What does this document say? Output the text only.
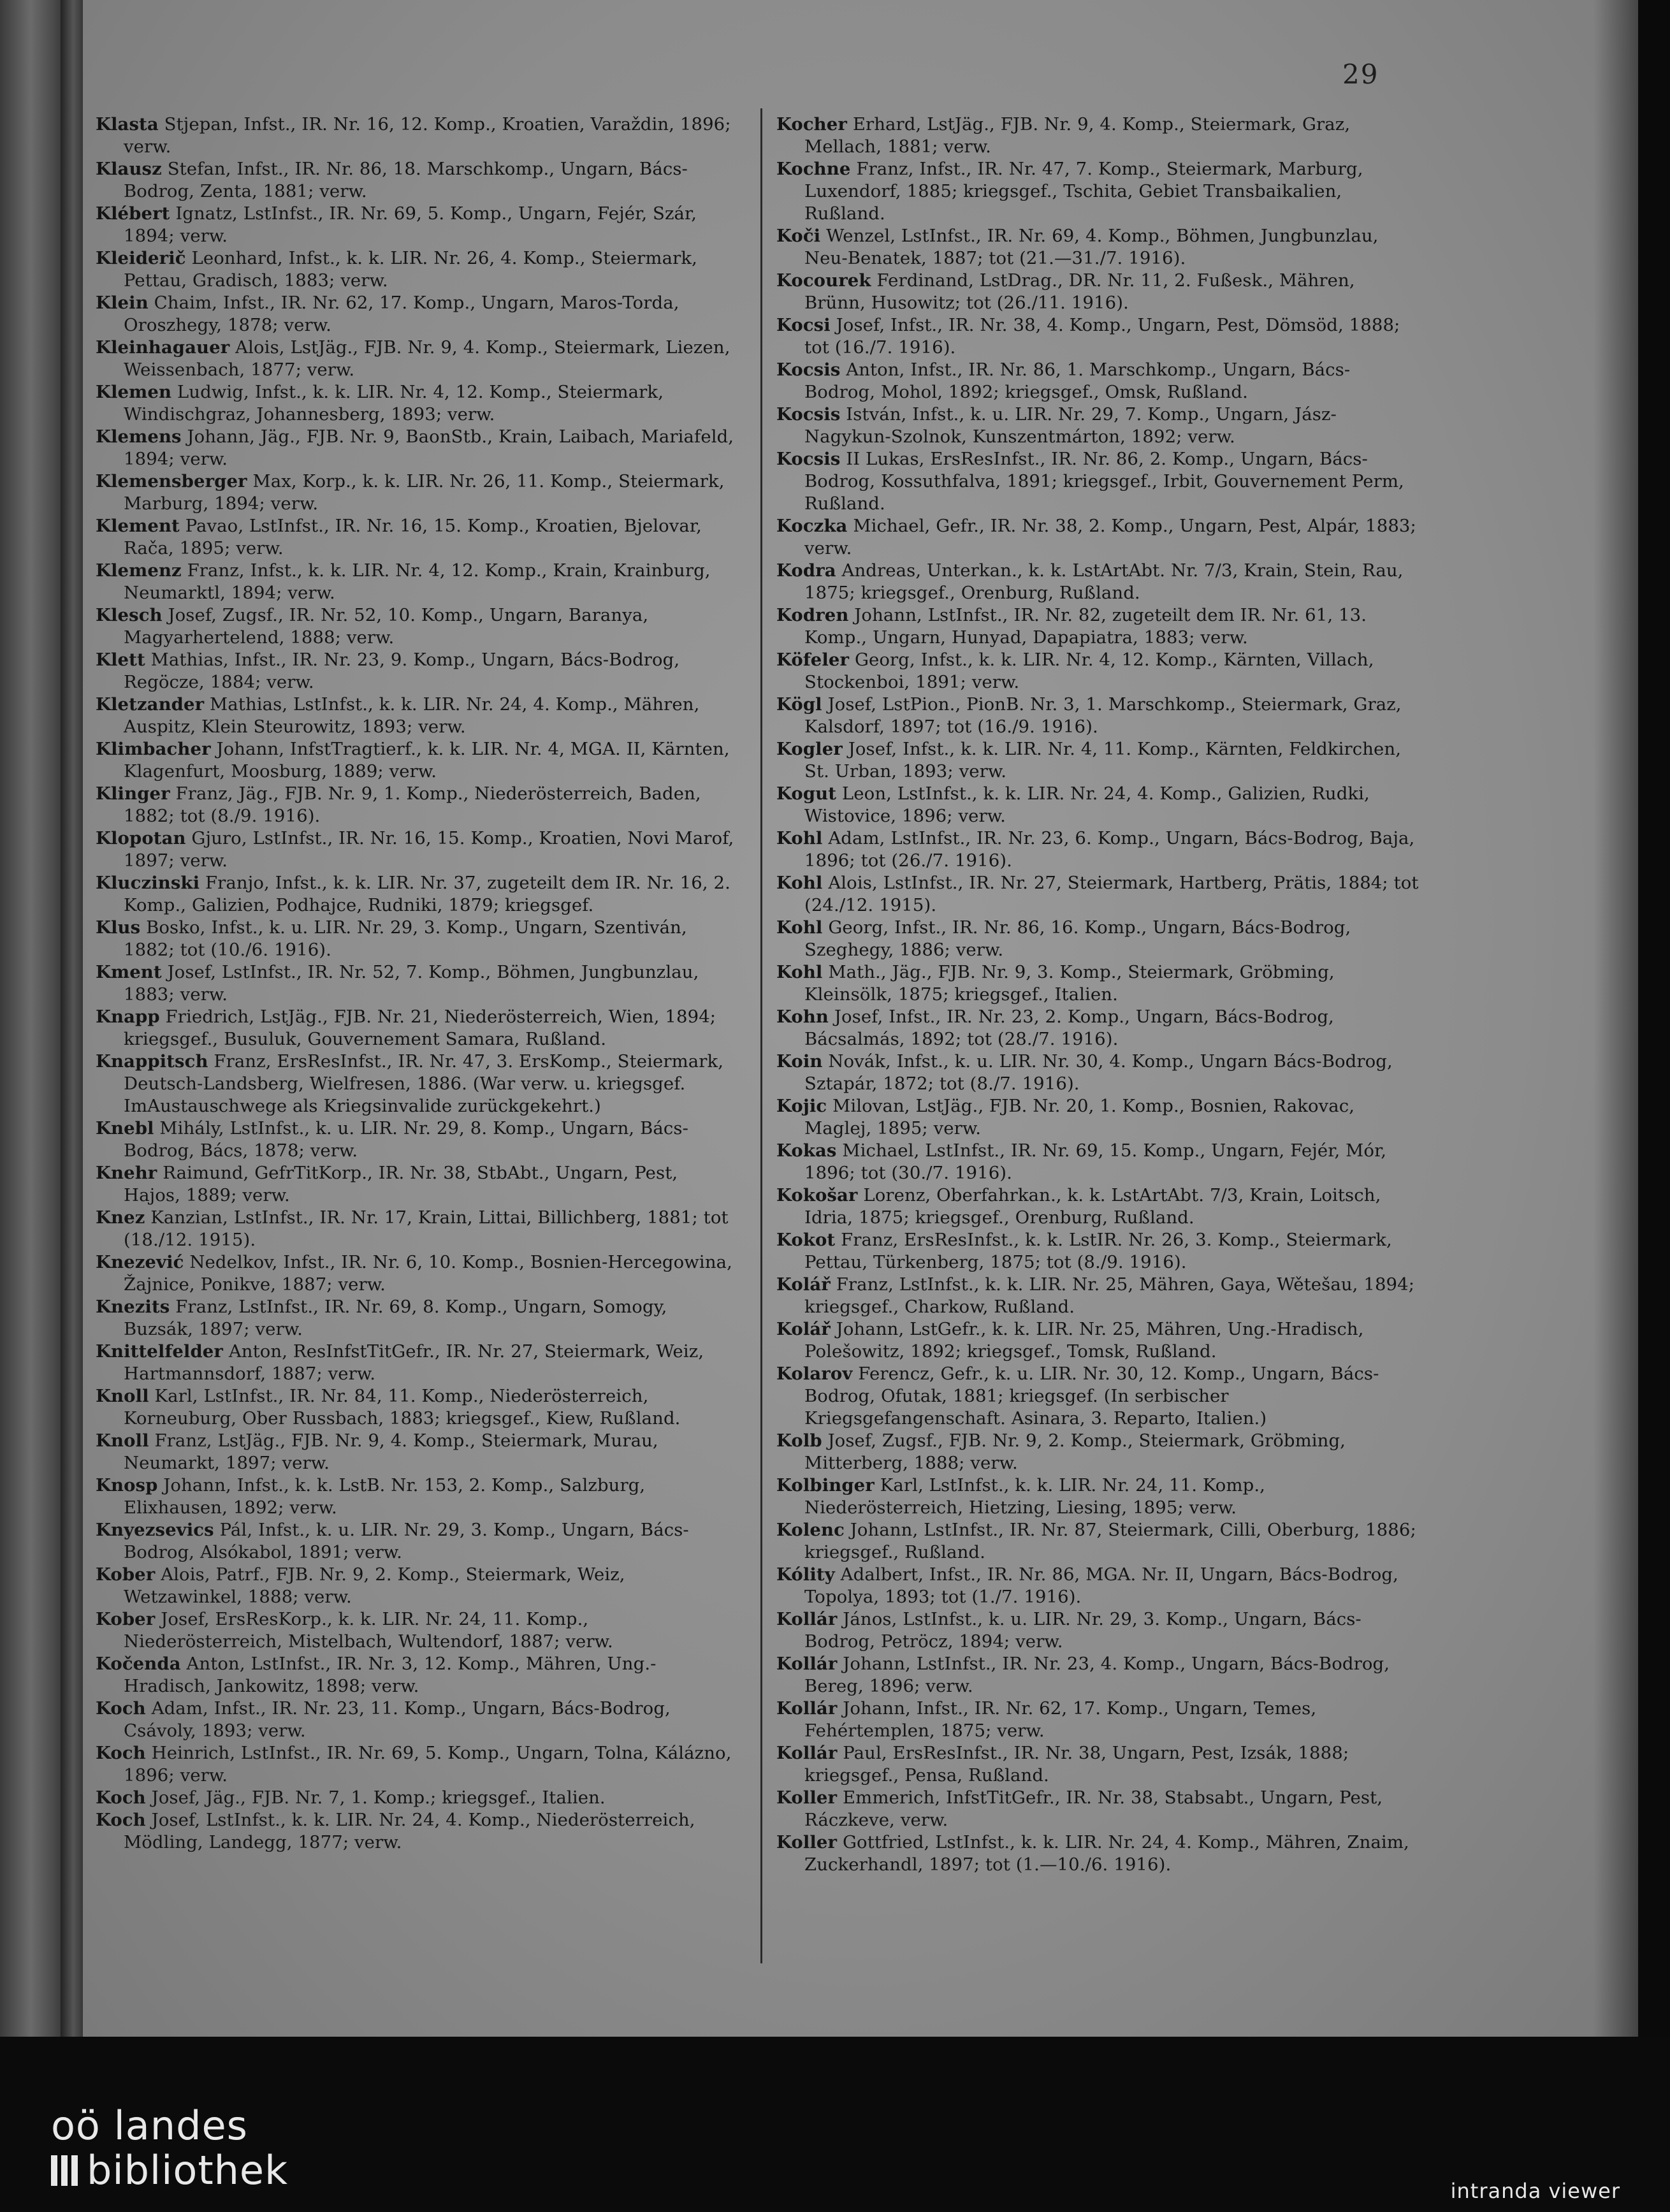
29

Klasta Stjepan, Infst., IR. Nr. 16, 12. Komp., Kroatien, Varaždin, 1896; verw.

Klausz Stefan, Infst., IR. Nr. 86, 18. Marschkomp., Ungarn, Bács-Bodrog, Zenta, 1881; verw.

Klébert Ignatz, LstInfst., IR. Nr. 69, 5. Komp., Ungarn, Fejér, Szár, 1894; verw.

Kleiderič Leonhard, Infst., k. k. LIR. Nr. 26, 4. Komp., Steiermark, Pettau, Gradisch, 1883; verw.

Klein Chaim, Infst., IR. Nr. 62, 17. Komp., Ungarn, Maros-Torda, Oroszhegy, 1878; verw.

Kleinhagauer Alois, LstJäg., FJB. Nr. 9, 4. Komp., Steiermark, Liezen, Weissenbach, 1877; verw.

Klemen Ludwig, Infst., k. k. LIR. Nr. 4, 12. Komp., Steiermark, Windischgraz, Johannesberg, 1893; verw.

Klemens Johann, Jäg., FJB. Nr. 9, BaonStb., Krain, Laibach, Mariafeld, 1894; verw.

Klemensberger Max, Korp., k. k. LIR. Nr. 26, 11. Komp., Steiermark, Marburg, 1894; verw.

Klement Pavao, LstInfst., IR. Nr. 16, 15. Komp., Kroatien, Bjelovar, Rača, 1895; verw.

Klemenz Franz, Infst., k. k. LIR. Nr. 4, 12. Komp., Krain, Krainburg, Neumarktl, 1894; verw.

Klesch Josef, Zugsf., IR. Nr. 52, 10. Komp., Ungarn, Baranya, Magyarhertelend, 1888; verw.

Klett Mathias, Infst., IR. Nr. 23, 9. Komp., Ungarn, Bács-Bodrog, Regöcze, 1884; verw.

Kletzander Mathias, LstInfst., k. k. LIR. Nr. 24, 4. Komp., Mähren, Auspitz, Klein Steurowitz, 1893; verw.

Klimbacher Johann, InfstTragtierf., k. k. LIR. Nr. 4, MGA. II, Kärnten, Klagenfurt, Moosburg, 1889; verw.

Klinger Franz, Jäg., FJB. Nr. 9, 1. Komp., Niederösterreich, Baden, 1882; tot (8./9. 1916).

Klopotan Gjuro, LstInfst., IR. Nr. 16, 15. Komp., Kroatien, Novi Marof, 1897; verw.

Kluczinski Franjo, Infst., k. k. LIR. Nr. 37, zugeteilt dem IR. Nr. 16, 2. Komp., Galizien, Podhajce, Rudniki, 1879; kriegsgef.

Klus Bosko, Infst., k. u. LIR. Nr. 29, 3. Komp., Ungarn, Szentiván, 1882; tot (10./6. 1916).

Kment Josef, LstInfst., IR. Nr. 52, 7. Komp., Böhmen, Jungbunzlau, 1883; verw.

Knapp Friedrich, LstJäg., FJB. Nr. 21, Niederösterreich, Wien, 1894; kriegsgef., Busuluk, Gouvernement Samara, Rußland.

Knappitsch Franz, ErsResInfst., IR. Nr. 47, 3. ErsKomp., Steiermark, Deutsch-Landsberg, Wielfresen, 1886. (War verw. u. kriegsgef. ImAustauschwege als Kriegsinvalide zurückgekehrt.)

Knebl Mihály, LstInfst., k. u. LIR. Nr. 29, 8. Komp., Ungarn, Bács-Bodrog, Bács, 1878; verw.

Knehr Raimund, GefrTitKorp., IR. Nr. 38, StbAbt., Ungarn, Pest, Hajos, 1889; verw.

Knez Kanzian, LstInfst., IR. Nr. 17, Krain, Littai, Billichberg, 1881; tot (18./12. 1915).

Knezević Nedelkov, Infst., IR. Nr. 6, 10. Komp., Bosnien-Hercegowina, Žajnice, Ponikve, 1887; verw.

Knezits Franz, LstInfst., IR. Nr. 69, 8. Komp., Ungarn, Somogy, Buzsák, 1897; verw.

Knittelfelder Anton, ResInfstTitGefr., IR. Nr. 27, Steiermark, Weiz, Hartmannsdorf, 1887; verw.

Knoll Karl, LstInfst., IR. Nr. 84, 11. Komp., Niederösterreich, Korneuburg, Ober Russbach, 1883; kriegsgef., Kiew, Rußland.

Knoll Franz, LstJäg., FJB. Nr. 9, 4. Komp., Steiermark, Murau, Neumarkt, 1897; verw.

Knosp Johann, Infst., k. k. LstB. Nr. 153, 2. Komp., Salzburg, Elixhausen, 1892; verw.

Knyezsevics Pál, Infst., k. u. LIR. Nr. 29, 3. Komp., Ungarn, Bács-Bodrog, Alsókabol, 1891; verw.

Kober Alois, Patrf., FJB. Nr. 9, 2. Komp., Steiermark, Weiz, Wetzawinkel, 1888; verw.

Kober Josef, ErsResKorp., k. k. LIR. Nr. 24, 11. Komp., Niederösterreich, Mistelbach, Wultendorf, 1887; verw.

Kočenda Anton, LstInfst., IR. Nr. 3, 12. Komp., Mähren, Ung.-Hradisch, Jankowitz, 1898; verw.

Koch Adam, Infst., IR. Nr. 23, 11. Komp., Ungarn, Bács-Bodrog, Csávoly, 1893; verw.

Koch Heinrich, LstInfst., IR. Nr. 69, 5. Komp., Ungarn, Tolna, Kálázno, 1896; verw.

Koch Josef, Jäg., FJB. Nr. 7, 1. Komp.; kriegsgef., Italien.

Koch Josef, LstInfst., k. k. LIR. Nr. 24, 4. Komp., Niederösterreich, Mödling, Landegg, 1877; verw.

Kocher Erhard, LstJäg., FJB. Nr. 9, 4. Komp., Steiermark, Graz, Mellach, 1881; verw.

Kochne Franz, Infst., IR. Nr. 47, 7. Komp., Steiermark, Marburg, Luxendorf, 1885; kriegsgef., Tschita, Gebiet Transbaikalien, Rußland.

Koči Wenzel, LstInfst., IR. Nr. 69, 4. Komp., Böhmen, Jungbunzlau, Neu-Benatek, 1887; tot (21.—31./7. 1916).

Kocourek Ferdinand, LstDrag., DR. Nr. 11, 2. Fußesk., Mähren, Brünn, Husowitz; tot (26./11. 1916).

Kocsi Josef, Infst., IR. Nr. 38, 4. Komp., Ungarn, Pest, Dömsöd, 1888; tot (16./7. 1916).

Kocsis Anton, Infst., IR. Nr. 86, 1. Marschkomp., Ungarn, Bács-Bodrog, Mohol, 1892; kriegsgef., Omsk, Rußland.

Kocsis István, Infst., k. u. LIR. Nr. 29, 7. Komp., Ungarn, Jász-Nagykun-Szolnok, Kunszentmárton, 1892; verw.

Kocsis II Lukas, ErsResInfst., IR. Nr. 86, 2. Komp., Ungarn, Bács-Bodrog, Kossuthfalva, 1891; kriegsgef., Irbit, Gouvernement Perm, Rußland.

Koczka Michael, Gefr., IR. Nr. 38, 2. Komp., Ungarn, Pest, Alpár, 1883; verw.

Kodra Andreas, Unterkan., k. k. LstArtAbt. Nr. 7/3, Krain, Stein, Rau, 1875; kriegsgef., Orenburg, Rußland.

Kodren Johann, LstInfst., IR. Nr. 82, zugeteilt dem IR. Nr. 61, 13. Komp., Ungarn, Hunyad, Dapapiatra, 1883; verw.

Köfeler Georg, Infst., k. k. LIR. Nr. 4, 12. Komp., Kärnten, Villach, Stockenboi, 1891; verw.

Kögl Josef, LstPion., PionB. Nr. 3, 1. Marschkomp., Steiermark, Graz, Kalsdorf, 1897; tot (16./9. 1916).

Kogler Josef, Infst., k. k. LIR. Nr. 4, 11. Komp., Kärnten, Feldkirchen, St. Urban, 1893; verw.

Kogut Leon, LstInfst., k. k. LIR. Nr. 24, 4. Komp., Galizien, Rudki, Wistovice, 1896; verw.

Kohl Adam, LstInfst., IR. Nr. 23, 6. Komp., Ungarn, Bács-Bodrog, Baja, 1896; tot (26./7. 1916).

Kohl Alois, LstInfst., IR. Nr. 27, Steiermark, Hartberg, Prätis, 1884; tot (24./12. 1915).

Kohl Georg, Infst., IR. Nr. 86, 16. Komp., Ungarn, Bács-Bodrog, Szeghegy, 1886; verw.

Kohl Math., Jäg., FJB. Nr. 9, 3. Komp., Steiermark, Gröbming, Kleinsölk, 1875; kriegsgef., Italien.

Kohn Josef, Infst., IR. Nr. 23, 2. Komp., Ungarn, Bács-Bodrog, Bácsalmás, 1892; tot (28./7. 1916).

Koin Novák, Infst., k. u. LIR. Nr. 30, 4. Komp., Ungarn Bács-Bodrog, Sztapár, 1872; tot (8./7. 1916).

Kojic Milovan, LstJäg., FJB. Nr. 20, 1. Komp., Bosnien, Rakovac, Maglej, 1895; verw.

Kokas Michael, LstInfst., IR. Nr. 69, 15. Komp., Ungarn, Fejér, Mór, 1896; tot (30./7. 1916).

Kokošar Lorenz, Oberfahrkan., k. k. LstArtAbt. 7/3, Krain, Loitsch, Idria, 1875; kriegsgef., Orenburg, Rußland.

Kokot Franz, ErsResInfst., k. k. LstIR. Nr. 26, 3. Komp., Steiermark, Pettau, Türkenberg, 1875; tot (8./9. 1916).

Kolář Franz, LstInfst., k. k. LIR. Nr. 25, Mähren, Gaya, Wětešau, 1894; kriegsgef., Charkow, Rußland.

Kolář Johann, LstGefr., k. k. LIR. Nr. 25, Mähren, Ung.-Hradisch, Polešowitz, 1892; kriegsgef., Tomsk, Rußland.

Kolarov Ferencz, Gefr., k. u. LIR. Nr. 30, 12. Komp., Ungarn, Bács-Bodrog, Ofutak, 1881; kriegsgef. (In serbischer Kriegsgefangenschaft. Asinara, 3. Reparto, Italien.)

Kolb Josef, Zugsf., FJB. Nr. 9, 2. Komp., Steiermark, Gröbming, Mitterberg, 1888; verw.

Kolbinger Karl, LstInfst., k. k. LIR. Nr. 24, 11. Komp., Niederösterreich, Hietzing, Liesing, 1895; verw.

Kolenc Johann, LstInfst., IR. Nr. 87, Steiermark, Cilli, Oberburg, 1886; kriegsgef., Rußland.

Kólity Adalbert, Infst., IR. Nr. 86, MGA. Nr. II, Ungarn, Bács-Bodrog, Topolya, 1893; tot (1./7. 1916).

Kollár János, LstInfst., k. u. LIR. Nr. 29, 3. Komp., Ungarn, Bács-Bodrog, Petröcz, 1894; verw.

Kollár Johann, LstInfst., IR. Nr. 23, 4. Komp., Ungarn, Bács-Bodrog, Bereg, 1896; verw.

Kollár Johann, Infst., IR. Nr. 62, 17. Komp., Ungarn, Temes, Fehértemplen, 1875; verw.

Kollár Paul, ErsResInfst., IR. Nr. 38, Ungarn, Pest, Izsák, 1888; kriegsgef., Pensa, Rußland.

Koller Emmerich, InfstTitGefr., IR. Nr. 38, Stabsabt., Ungarn, Pest, Ráczkeve, verw.

Koller Gottfried, LstInfst., k. k. LIR. Nr. 24, 4. Komp., Mähren, Znaim, Zuckerhandl, 1897; tot (1.—10./6. 1916).

oö landes
bibliothek	intranda viewer
